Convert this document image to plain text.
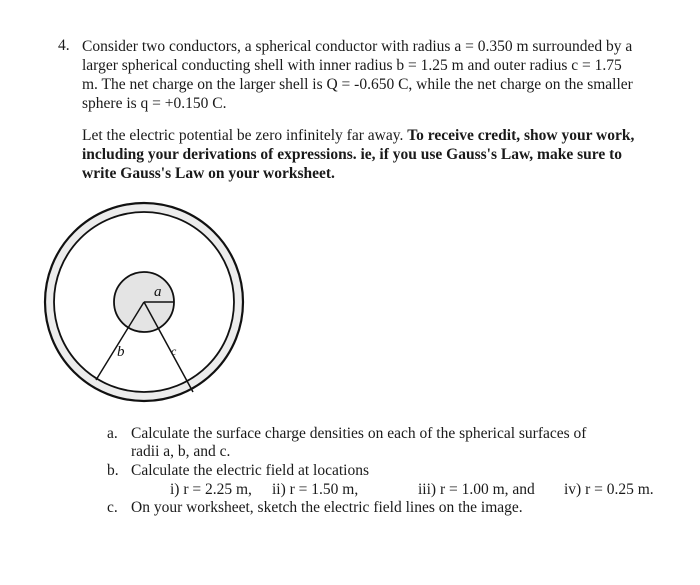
4. Consider two conductors, a spherical conductor with radius a = 0.350 m surrounded by a
larger spherical conducting shell with inner radius b = 1.25 m and outer radius c = 1.75
m. The net charge on the larger shell is Q = -0.650 C, while the net charge on the smaller
sphere is q = +0.150 C.
Let the electric potential be zero infinitely far away. To receive credit, show your work,
including your derivations of expressions. ie, if you use Gauss's Law, make sure to
write Gauss's Law on your worksheet.
a
b	c
a. Calculate the surface charge densities on each of the spherical surfaces of
radii a, b, and c.
b. Calculate the electric field at locations
i) r = 2.25 m, ii) r = 1.50 m,	iii) r = 1.00 m, and iv) r = 0.25 m.
c. On your worksheet, sketch the electric field lines on the image.
